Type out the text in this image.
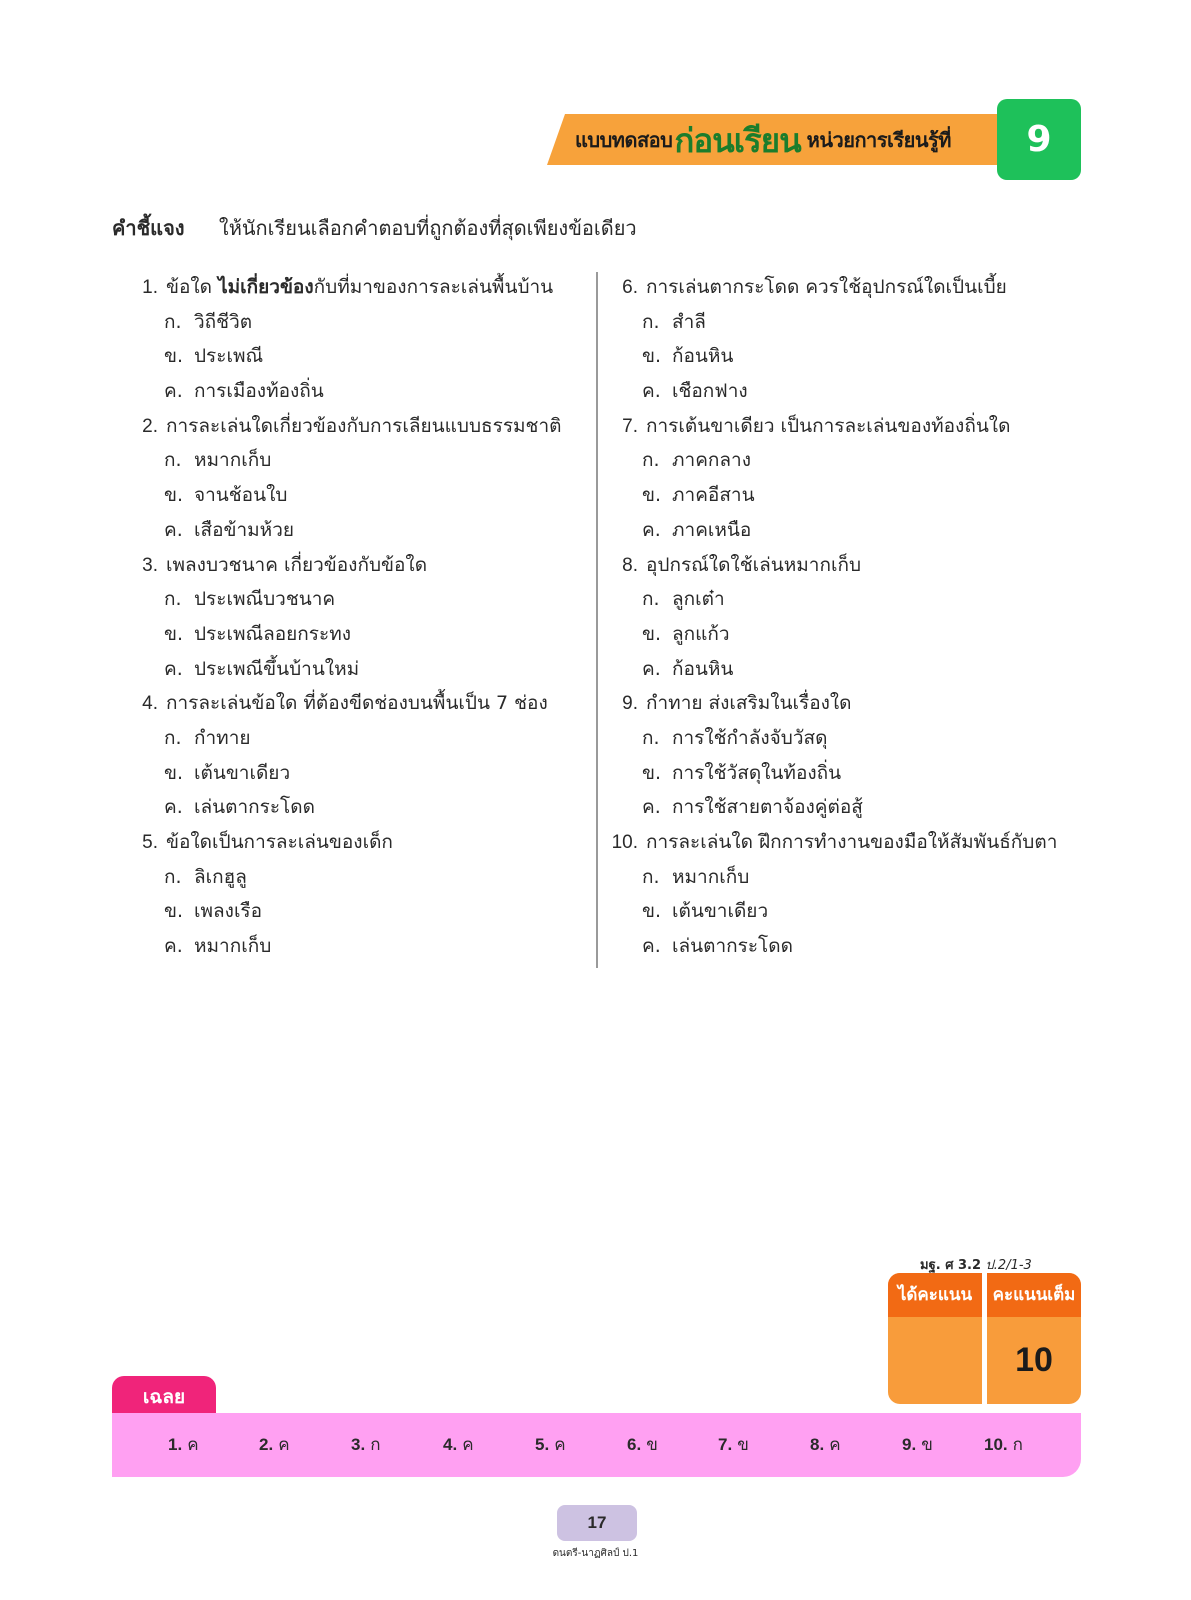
แบบทดสอบ ก่อนเรียน หน่วยการเรียนรู้ที่	9
คำชี้แจง ให้นักเรียนเลือกคำตอบที่ถูกต้องที่สุดเพียงข้อเดียว
1. ข้อใด ไม่เกี่ยวข้องกับที่มาของการละเล่นพื้นบ้าน
ก. วิถีชีวิต
ข. ประเพณี
ค. การเมืองท้องถิ่น
2. การละเล่นใดเกี่ยวข้องกับการเลียนแบบธรรมชาติ
ก. หมากเก็บ
ข. จานช้อนใบ
ค. เสือข้ามห้วย
3. เพลงบวชนาค เกี่ยวข้องกับข้อใด
ก. ประเพณีบวชนาค
ข. ประเพณีลอยกระทง
ค. ประเพณีขึ้นบ้านใหม่
4. การละเล่นข้อใด ที่ต้องขีดช่องบนพื้นเป็น 7 ช่อง
ก. กำทาย
ข. เต้นขาเดียว
ค. เล่นตากระโดด
5. ข้อใดเป็นการละเล่นของเด็ก
ก. ลิเกฮูลู
ข. เพลงเรือ
ค. หมากเก็บ
6. การเล่นตากระโดด ควรใช้อุปกรณ์ใดเป็นเบี้ย
ก. สำลี
ข. ก้อนหิน
ค. เชือกฟาง
7. การเต้นขาเดียว เป็นการละเล่นของท้องถิ่นใด
ก. ภาคกลาง
ข. ภาคอีสาน
ค. ภาคเหนือ
8. อุปกรณ์ใดใช้เล่นหมากเก็บ
ก. ลูกเต๋า
ข. ลูกแก้ว
ค. ก้อนหิน
9. กำทาย ส่งเสริมในเรื่องใด
ก. การใช้กำลังจับวัสดุ
ข. การใช้วัสดุในท้องถิ่น
ค. การใช้สายตาจ้องคู่ต่อสู้
10. การละเล่นใด ฝึกการทำงานของมือให้สัมพันธ์กับตา
ก. หมากเก็บ
ข. เต้นขาเดียว
ค. เล่นตากระโดด
มฐ. ศ 3.2 ป.2/1-3
ได้คะแนน	คะแนนเต็ม
10
เฉลย
1. ค	2. ค	3. ก	4. ค	5. ค	6. ข	7. ข	8. ค	9. ข	10. ก
17
ดนตรี-นาฏศิลป์ ป.1
